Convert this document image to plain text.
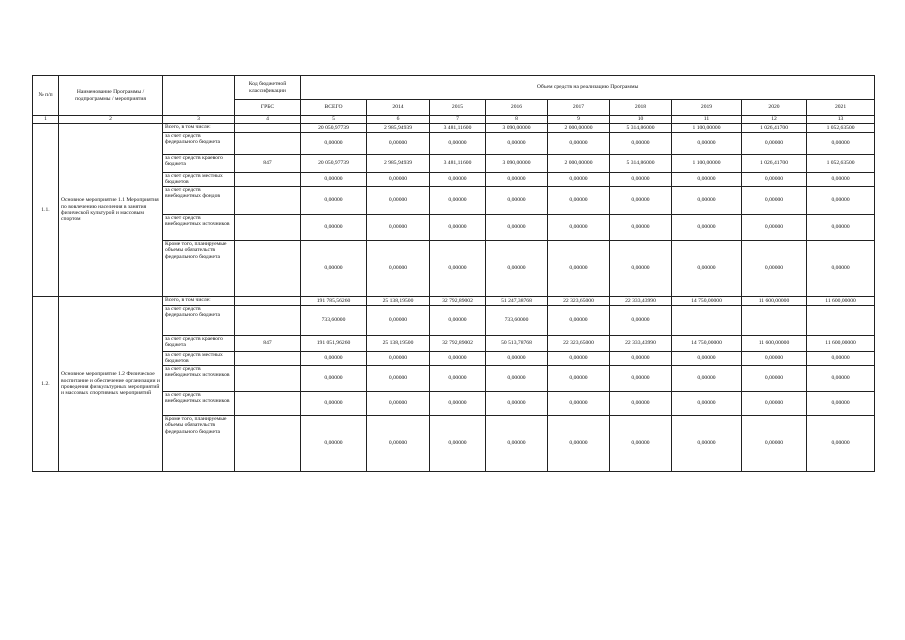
№ п/п	Наименование Программы / подпрограммы / мероприятия		Код бюджетной классификации	Объем средств на реализацию Программы								
			ГРБС	ВСЕГО	2014	2015	2016	2017	2018	2019	2020	2021
1	2	3	4	5	6	7	8	9	10	11	12	13
1.1.	Основное мероприятие 1.1 Мероприятия по вовлечению населения в занятия физической культурой и массовым спортом	Всего, в том числе:		20 050,97739	2 985,94939	3 481,11600	3 090,00000	2 000,00000	5 314,86000	1 100,00000	1 026,41700	1 052,63500
		за счет средств федерального бюджета		0,00000	0,00000	0,00000	0,00000	0,00000	0,00000	0,00000	0,00000	0,00000
		за счет средств краевого бюджета	847	20 050,97739	2 985,94939	3 481,11600	3 090,00000	2 000,00000	5 314,86000	1 100,00000	1 026,41700	1 052,63500
		за счет средств местных бюджетов		0,00000	0,00000	0,00000	0,00000	0,00000	0,00000	0,00000	0,00000	0,00000
		за счет средств внебюджетных фондов		0,00000	0,00000	0,00000	0,00000	0,00000	0,00000	0,00000	0,00000	0,00000
		за счет средств внебюджетных источников		0,00000	0,00000	0,00000	0,00000	0,00000	0,00000	0,00000	0,00000	0,00000
		Кроме того, планируемые объемы обязательств федерального бюджета		0,00000	0,00000	0,00000	0,00000	0,00000	0,00000	0,00000	0,00000	0,00000
1.2.	Основное мероприятие 1.2 Физическое воспитание и обеспечение организации и проведения физкультурных мероприятий и массовых спортивных мероприятий	Всего, в том числе:		191 785,56260	25 138,19500	32 792,89002	51 247,38768	22 323,65000	22 333,43990	14 750,00000	11 600,00000	11 600,00000
		за счет средств федерального бюджета		733,60000	0,00000	0,00000	733,60000	0,00000	0,00000			
		за счет средств краевого бюджета	847	191 051,96260	25 138,19500	32 792,89002	50 513,78768	22 323,65000	22 333,43990	14 750,00000	11 600,00000	11 600,00000
		за счет средств местных бюджетов		0,00000	0,00000	0,00000	0,00000	0,00000	0,00000	0,00000	0,00000	0,00000
		за счет средств внебюджетных источников		0,00000	0,00000	0,00000	0,00000	0,00000	0,00000	0,00000	0,00000	0,00000
		за счет средств внебюджетных источников		0,00000	0,00000	0,00000	0,00000	0,00000	0,00000	0,00000	0,00000	0,00000
		Кроме того, планируемые объемы обязательств федерального бюджета		0,00000	0,00000	0,00000	0,00000	0,00000	0,00000	0,00000	0,00000	0,00000
